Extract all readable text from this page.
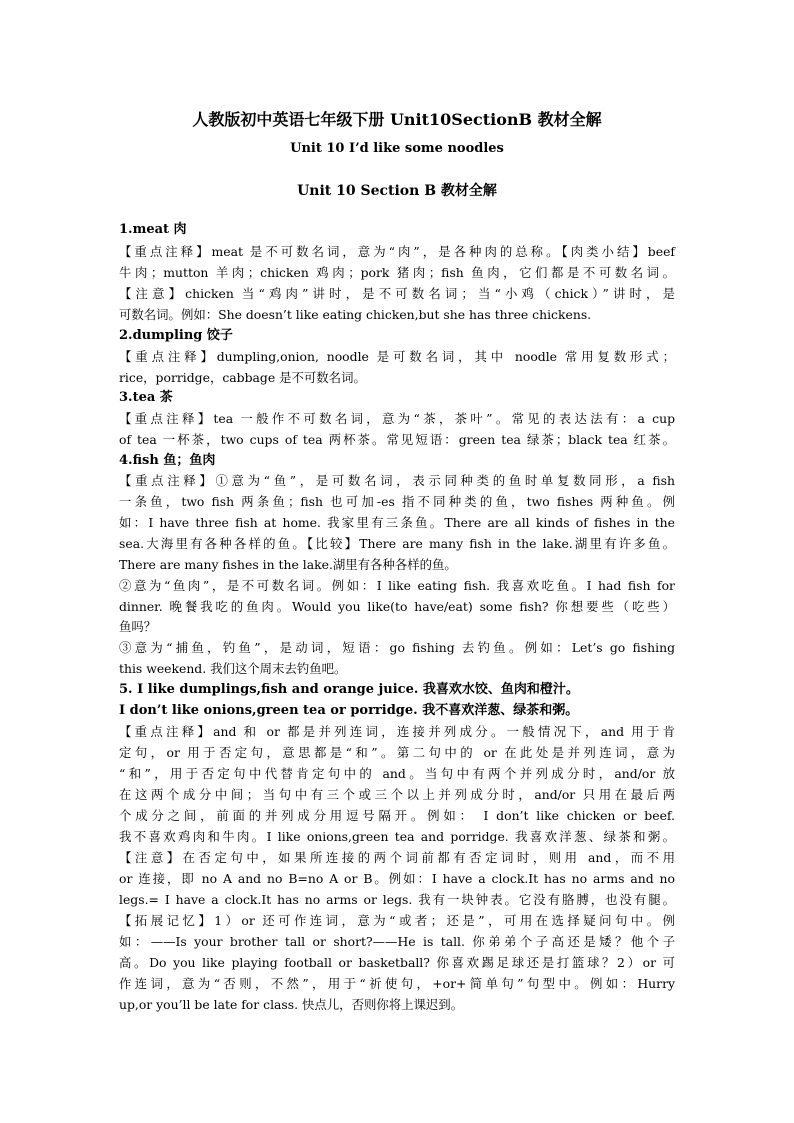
人教版初中英语七年级下册 Unit10SectionB 教材全解
Unit 10 I’d like some noodles
Unit 10 Section B 教材全解
1.meat 肉
【重点注释】meat 是不可数名词，意为“肉”，是各种肉的总称。【肉类小结】beef
牛肉；mutton 羊肉；chicken 鸡肉；pork 猪肉；fish 鱼肉，它们都是不可数名词。
【注意】chicken 当“鸡肉”讲时，是不可数名词；当“小鸡（chick）”讲时，是
可数名词。例如：She doesn’t like eating chicken,but she has three chickens.
2.dumpling 饺子
【重点注释】dumpling,onion, noodle 是可数名词，其中 noodle 常用复数形式；
rice，porridge，cabbage 是不可数名词。
3.tea 茶
【重点注释】tea 一般作不可数名词，意为“茶，茶叶”。常见的表达法有：a cup
of tea 一杯茶，two cups of tea 两杯茶。常见短语：green tea 绿茶；black tea 红茶。
4.fish 鱼；鱼肉
【重点注释】①意为“鱼”，是可数名词，表示同种类的鱼时单复数同形，a fish
一条鱼，two fish 两条鱼；fish 也可加-es 指不同种类的鱼，two fishes 两种鱼。例
如：I have three fish at home. 我家里有三条鱼。There are all kinds of fishes in the
sea.大海里有各种各样的鱼。【比较】There are many fish in the lake.湖里有许多鱼。
There are many fishes in the lake.湖里有各种各样的鱼。
②意为“鱼肉”，是不可数名词。例如：I like eating fish. 我喜欢吃鱼。I had fish for
dinner. 晚餐我吃的鱼肉。Would you like(to have/eat) some fish? 你想要些（吃些）
鱼吗？
③意为“捕鱼，钓鱼”，是动词，短语：go fishing 去钓鱼。例如：Let’s go fishing
this weekend. 我们这个周末去钓鱼吧。
5. I like dumplings,fish and orange juice. 我喜欢水饺、鱼肉和橙汁。
I don’t like onions,green tea or porridge. 我不喜欢洋葱、绿茶和粥。
【重点注释】and 和 or 都是并列连词，连接并列成分。一般情况下，and 用于肯
定句，or 用于否定句，意思都是“和”。第二句中的 or 在此处是并列连词，意为
“和”，用于否定句中代替肯定句中的 and。当句中有两个并列成分时，and/or 放
在这两个成分中间；当句中有三个或三个以上并列成分时，and/or 只用在最后两
个成分之间，前面的并列成分用逗号隔开。例如： I don’t like chicken or beef.
我不喜欢鸡肉和牛肉。I like onions,green tea and porridge. 我喜欢洋葱、绿茶和粥。
【注意】在否定句中，如果所连接的两个词前都有否定词时，则用 and，而不用
or 连接，即 no A and no B=no A or B。例如：I have a clock.It has no arms and no
legs.= I have a clock.It has no arms or legs. 我有一块钟表。它没有胳膊，也没有腿。
【拓展记忆】1）or 还可作连词，意为“或者；还是”，可用在选择疑问句中。例
如：——Is your brother tall or short?——He is tall. 你弟弟个子高还是矮？他个子
高。Do you like playing football or basketball? 你喜欢踢足球还是打篮球？2）or 可
作连词，意为“否则，不然”，用于“祈使句，+or+简单句”句型中。例如：Hurry
up,or you’ll be late for class. 快点儿，否则你将上课迟到。
